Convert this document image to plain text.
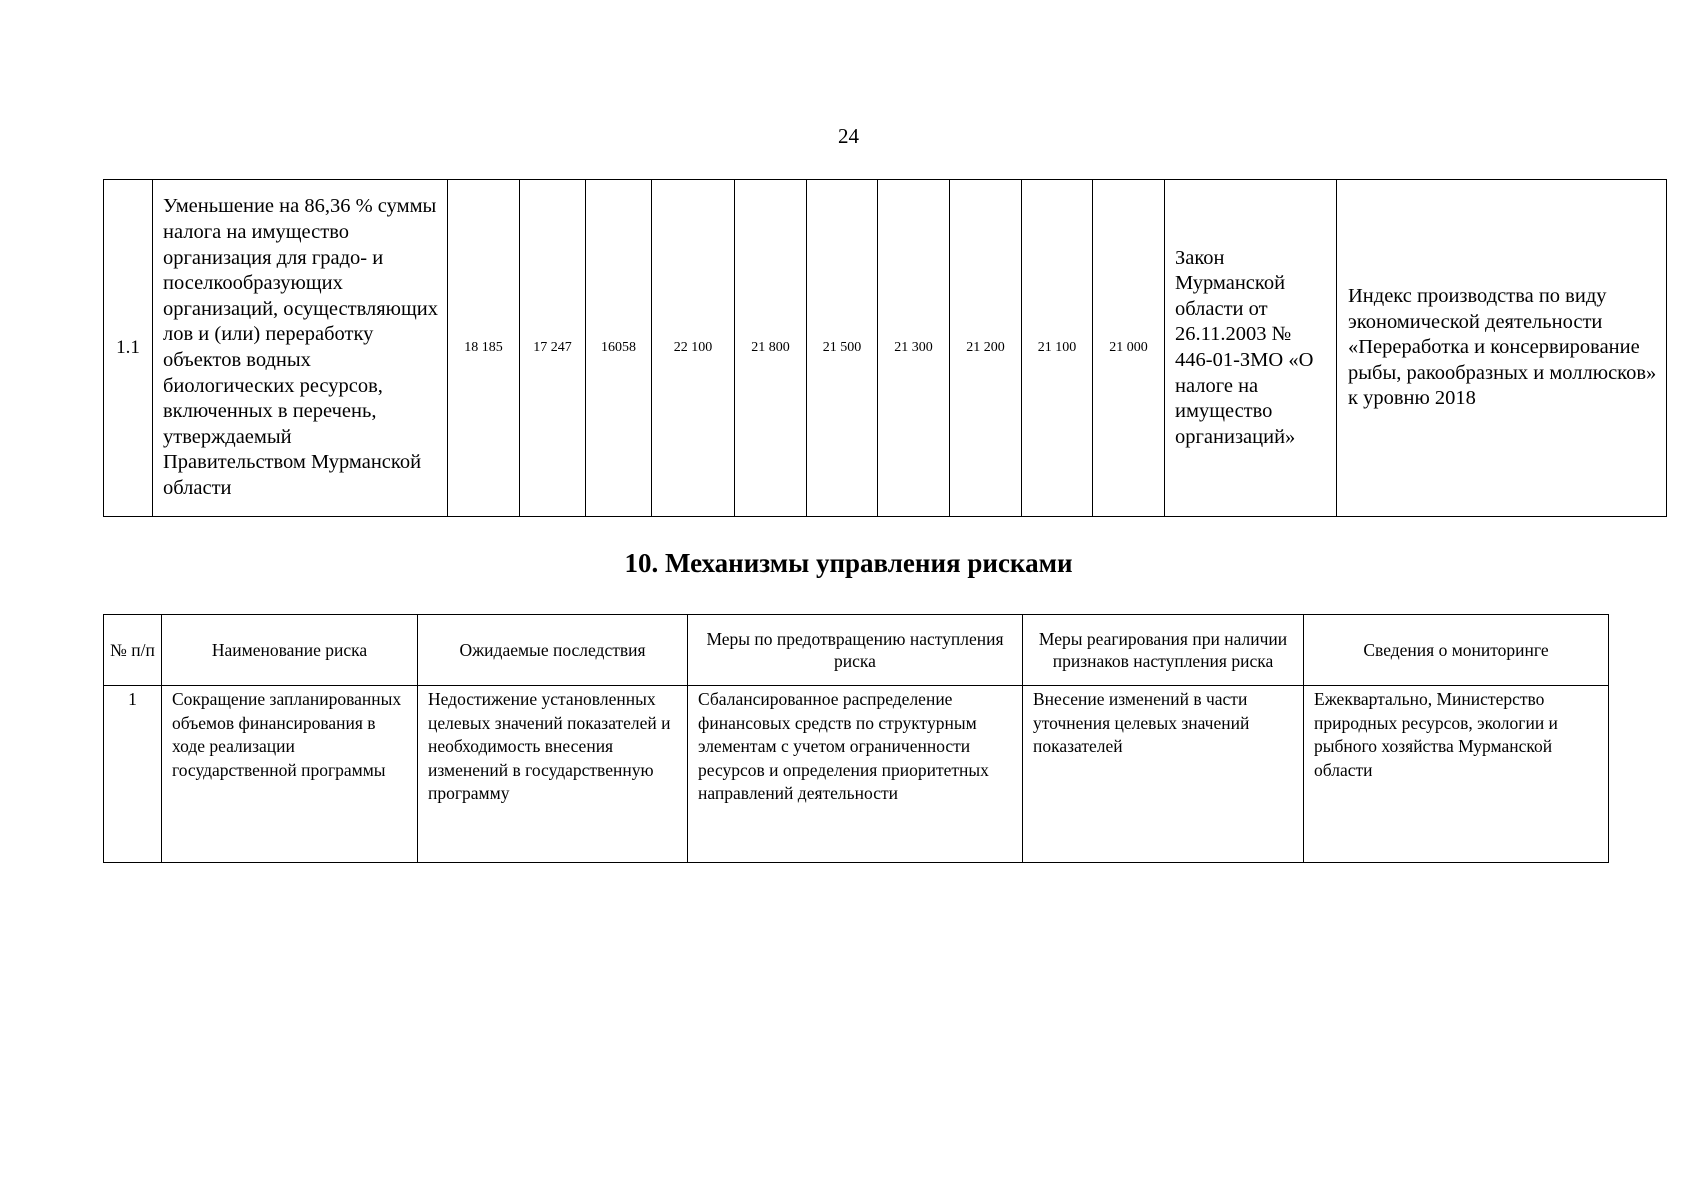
24
1.1	Уменьшение на 86,36 % суммы налога на имущество организация для градо- и поселкообразующих организаций, осуществляющих лов и (или) переработку объектов водных биологических ресурсов, включенных в перечень, утверждаемый Правительством Мурманской области	18 185	17 247	16058	22 100	21 800	21 500	21 300	21 200	21 100	21 000	Закон Мурманской области от 26.11.2003 № 446-01-ЗМО «О налоге на имущество организаций»	Индекс производства по виду экономической деятельности «Переработка и консервирование рыбы, ракообразных и моллюсков» к уровню 2018
10. Механизмы управления рисками
№ п/п	Наименование риска	Ожидаемые последствия	Меры по предотвращению наступления риска	Меры реагирования при наличии признаков наступления риска	Сведения о мониторинге
1	Сокращение запланированных объемов финансирования в ходе реализации государственной программы	Недостижение установленных целевых значений показателей и необходимость внесения изменений в государственную программу	Сбалансированное распределение финансовых средств по структурным элементам с учетом ограниченности ресурсов и определения приоритетных направлений деятельности	Внесение изменений в части уточнения целевых значений показателей	Ежеквартально, Министерство природных ресурсов, экологии и рыбного хозяйства Мурманской области
